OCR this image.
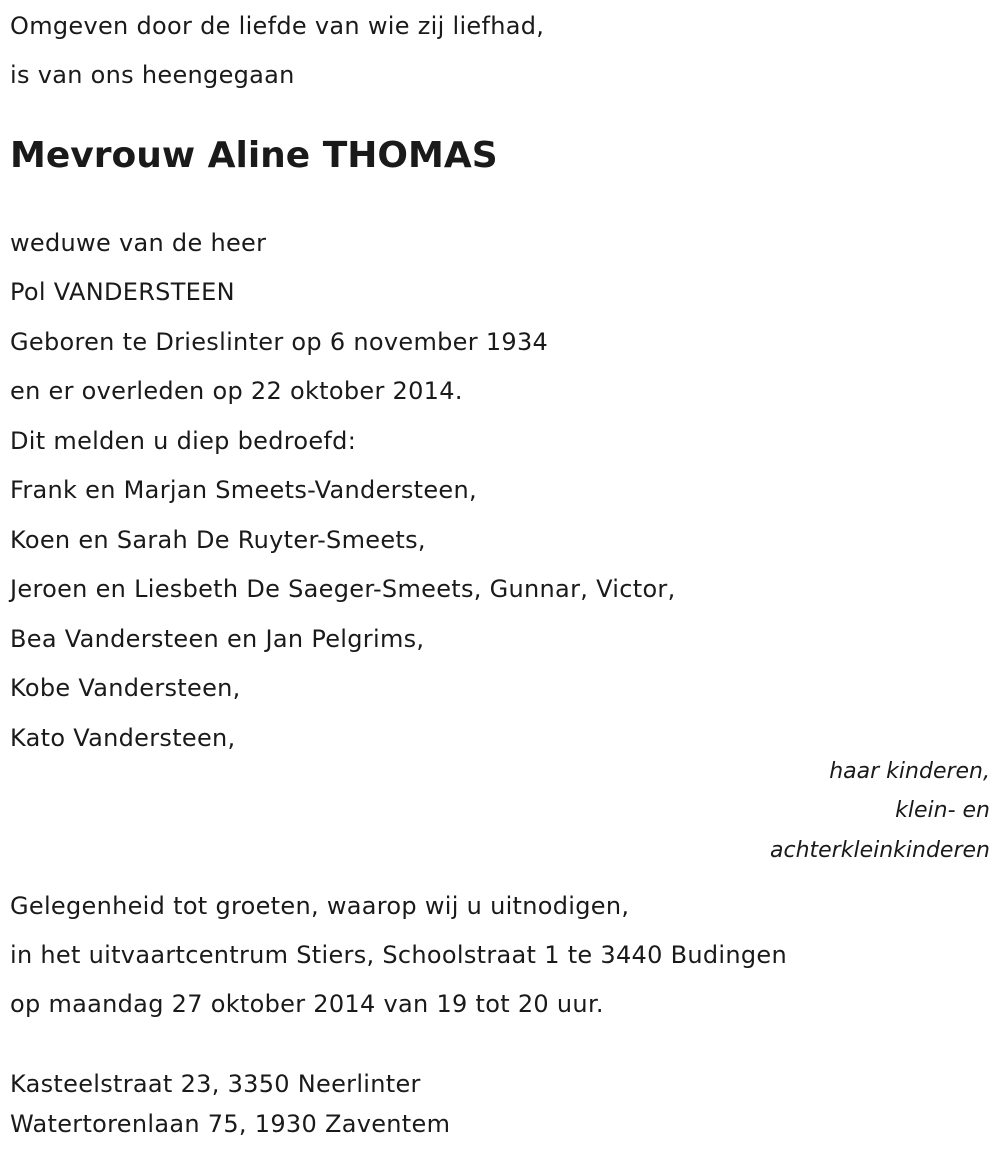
Omgeven door de liefde van wie zij liefhad,

is van ons heengegaan

Mevrouw Aline THOMAS

weduwe van de heer

Pol VANDERSTEEN

Geboren te Drieslinter op 6 november 1934

en er overleden op 22 oktober 2014.

Dit melden u diep bedroefd:

Frank en Marjan Smeets-Vandersteen,

Koen en Sarah De Ruyter-Smeets,

Jeroen en Liesbeth De Saeger-Smeets, Gunnar, Victor,

Bea Vandersteen en Jan Pelgrims,

Kobe Vandersteen,

Kato Vandersteen,

haar kinderen,

klein- en

achterkleinkinderen

Gelegenheid tot groeten, waarop wij u uitnodigen,

in het uitvaartcentrum Stiers, Schoolstraat 1 te 3440 Budingen

op maandag 27 oktober 2014 van 19 tot 20 uur.

Kasteelstraat 23, 3350 Neerlinter

Watertorenlaan 75, 1930 Zaventem
